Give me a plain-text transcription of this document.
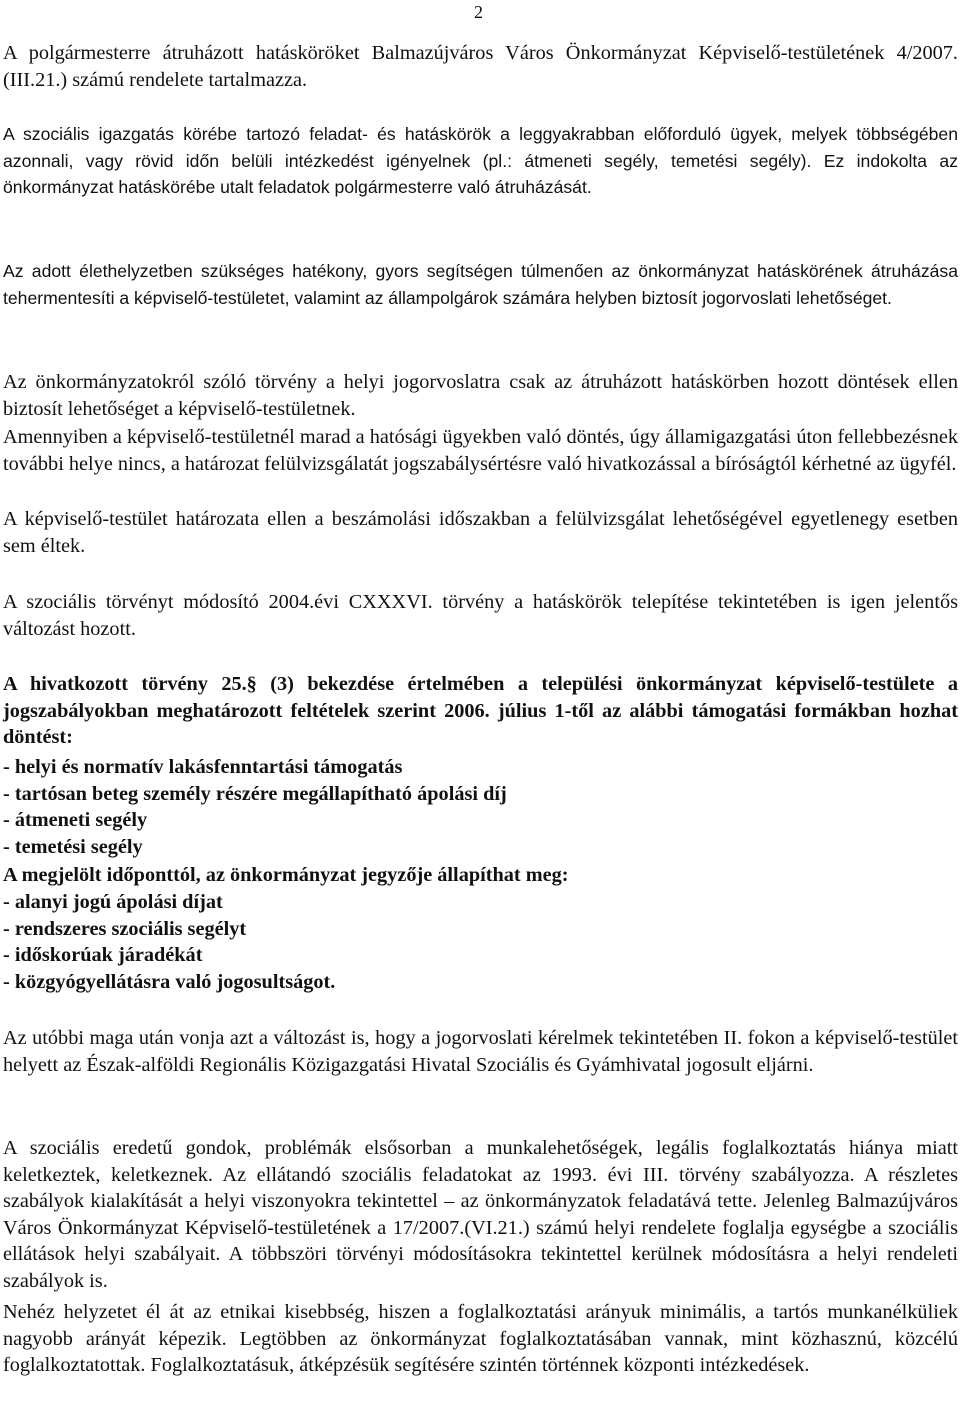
2

A polgármesterre átruházott hatásköröket Balmazújváros Város Önkormányzat Képviselő-testületének 4/2007. (III.21.) számú rendelete tartalmazza.

A szociális igazgatás körébe tartozó feladat- és hatáskörök a leggyakrabban előforduló ügyek, melyek többségében azonnali, vagy rövid időn belüli intézkedést igényelnek (pl.: átmeneti segély, temetési segély). Ez indokolta az önkormányzat hatáskörébe utalt feladatok polgármesterre való átruházását.

Az adott élethelyzetben szükséges hatékony, gyors segítségen túlmenően az önkormányzat hatáskörének átruházása tehermentesíti a képviselő-testületet, valamint az állampolgárok számára helyben biztosít jogorvoslati lehetőséget.

Az önkormányzatokról szóló törvény a helyi jogorvoslatra csak az átruházott hatáskörben hozott döntések ellen biztosít lehetőséget a képviselő-testületnek.

Amennyiben a képviselő-testületnél marad a hatósági ügyekben való döntés, úgy államigazgatási úton fellebbezésnek további helye nincs, a határozat felülvizsgálatát jogszabálysértésre való hivatkozással a bíróságtól kérhetné az ügyfél.

A képviselő-testület határozata ellen a beszámolási időszakban a felülvizsgálat lehetőségével egyetlenegy esetben sem éltek.

A szociális törvényt módosító 2004.évi CXXXVI. törvény a hatáskörök telepítése tekintetében is igen jelentős változást hozott.

A hivatkozott törvény 25.§ (3) bekezdése értelmében a települési önkormányzat képviselő-testülete a jogszabályokban meghatározott feltételek szerint 2006. július 1-től az alábbi támogatási formákban hozhat döntést:

- helyi és normatív lakásfenntartási támogatás
- tartósan beteg személy részére megállapítható ápolási díj
- átmeneti segély
- temetési segély

A megjelölt időponttól, az önkormányzat jegyzője állapíthat meg:

- alanyi jogú ápolási díjat
- rendszeres szociális segélyt
- időskorúak járadékát
- közgyógyellátásra való jogosultságot.

Az utóbbi maga után vonja azt a változást is, hogy a jogorvoslati kérelmek tekintetében II. fokon a képviselő-testület helyett az Észak-alföldi Regionális Közigazgatási Hivatal Szociális és Gyámhivatal jogosult eljárni.

A szociális eredetű gondok, problémák elsősorban a munkalehetőségek, legális foglalkoztatás hiánya miatt keletkeztek, keletkeznek. Az ellátandó szociális feladatokat az 1993. évi III. törvény szabályozza. A részletes szabályok kialakítását a helyi viszonyokra tekintettel – az önkormányzatok feladatává tette. Jelenleg Balmazújváros Város Önkormányzat Képviselő-testületének a 17/2007.(VI.21.) számú helyi rendelete foglalja egységbe a szociális ellátások helyi szabályait. A többszöri törvényi módosításokra tekintettel kerülnek módosításra a helyi rendeleti szabályok is.

Nehéz helyzetet él át az etnikai kisebbség, hiszen a foglalkoztatási arányuk minimális, a tartós munkanélküliek nagyobb arányát képezik. Legtöbben az önkormányzat foglalkoztatásában vannak, mint közhasznú, közcélú foglalkoztatottak. Foglalkoztatásuk, átképzésük segítésére szintén történnek központi intézkedések.
